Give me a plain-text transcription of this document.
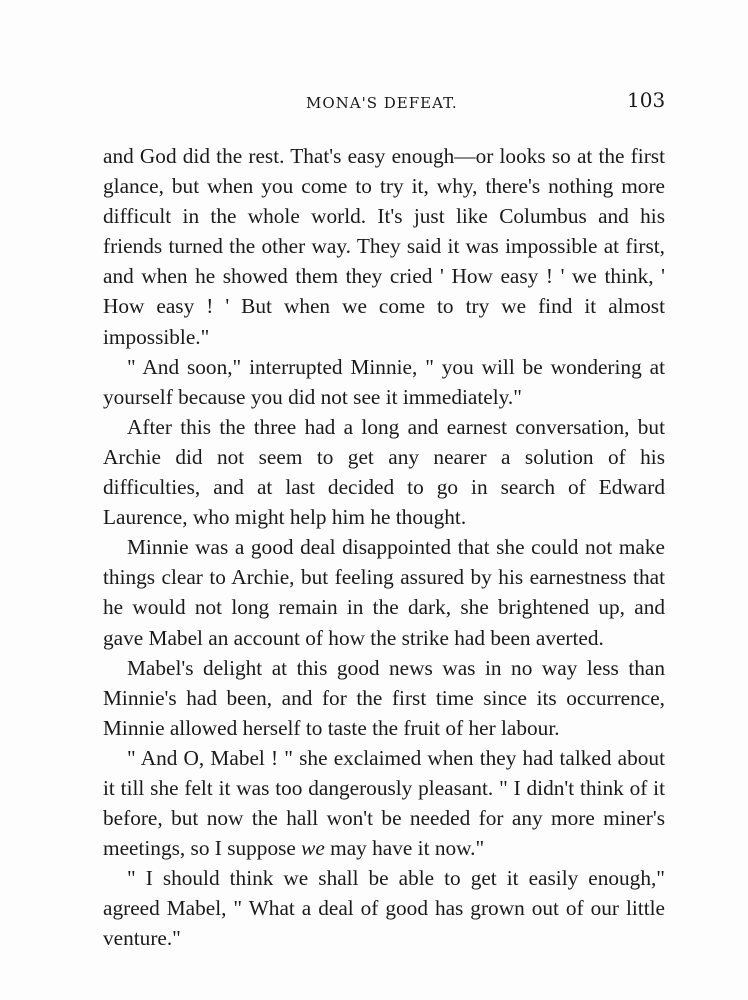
MONA'S DEFEAT.	103

and God did the rest. That's easy enough—or looks so at the first glance, but when you come to try it, why, there's nothing more difficult in the whole world. It's just like Columbus and his friends turned the other way. They said it was impossible at first, and when he showed them they cried ' How easy ! ' we think, ' How easy ! ' But when we come to try we find it almost impossible."

" And soon," interrupted Minnie, " you will be wondering at yourself because you did not see it immediately."

After this the three had a long and earnest conversation, but Archie did not seem to get any nearer a solution of his difficulties, and at last decided to go in search of Edward Laurence, who might help him he thought.

Minnie was a good deal disappointed that she could not make things clear to Archie, but feeling assured by his earnestness that he would not long remain in the dark, she brightened up, and gave Mabel an account of how the strike had been averted.

Mabel's delight at this good news was in no way less than Minnie's had been, and for the first time since its occurrence, Minnie allowed herself to taste the fruit of her labour.

" And O, Mabel ! " she exclaimed when they had talked about it till she felt it was too dangerously pleasant. " I didn't think of it before, but now the hall won't be needed for any more miner's meetings, so I suppose we may have it now."

" I should think we shall be able to get it easily enough," agreed Mabel, " What a deal of good has grown out of our little venture."
